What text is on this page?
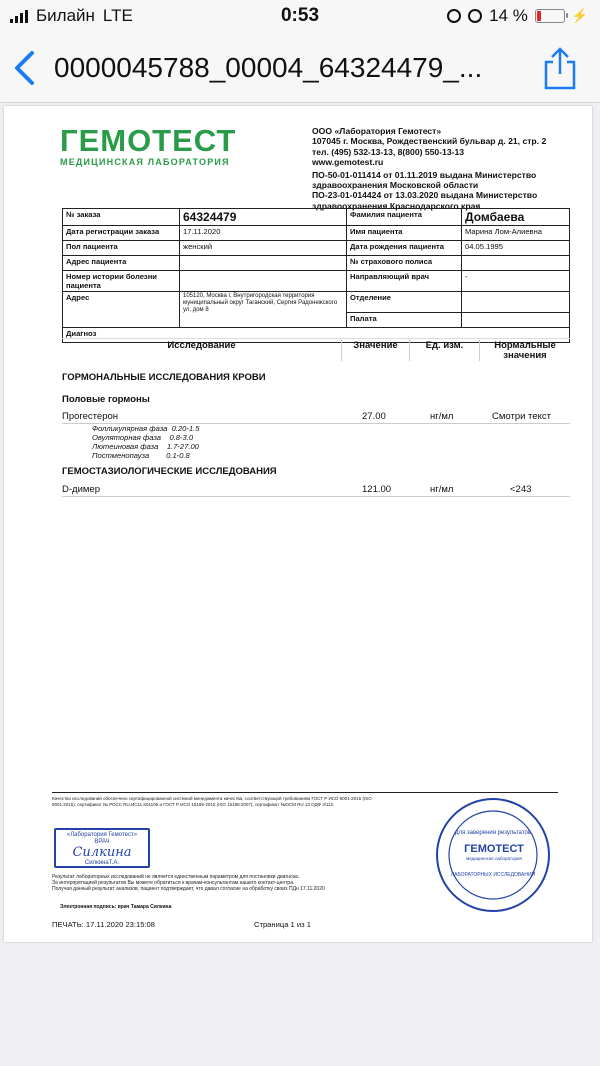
Билайн LTE	0:53	14 %	⚡
0000045788_00004_64324479_...
ГЕМОТЕСТ
МЕДИЦИНСКАЯ ЛАБОРАТОРИЯ
ООО «Лаборатория Гемотест»
107045 г. Москва, Рождественский бульвар д. 21, стр. 2
тел. (495) 532-13-13, 8(800) 550-13-13
www.gemotest.ru
ПО-50-01-011414 от 01.11.2019 выдана Министерство
здравоохранения Московской области
ПО-23-01-014424 от 13.03.2020 выдана Министерство
здравоохранения Краснодарского края
№ заказа	64324479	Фамилия пациента	Домбаева
Дата регистрации заказа	17.11.2020	Имя пациента	Марина Лом-Алиевна
Пол пациента	женский	Дата рождения пациента	04.05.1995
Адрес пациента		№ страхового полиса	
Номер истории болезни пациента		Направляющий врач	-
Адрес	105120, Москва г, Внутригородская территория муниципальный округ Таганский, Сергия Радонежского ул, дом 8	Отделение	
		Палата	
Диагноз			
Исследование	Значение	Ед. изм.	Нормальные значения
ГОРМОНАЛЬНЫЕ ИССЛЕДОВАНИЯ КРОВИ
Половые гормоны
Прогестерон	27.00	нг/мл	Смотри текст
Фолликулярная фаза 0.20-1.5
Овуляторная фаза 0.8-3.0
Лютеиновая фаза 1.7-27.00
Постменопауза 0.1-0.8
ГЕМОСТАЗИОЛОГИЧЕСКИЕ ИССЛЕДОВАНИЯ
D-димер	121.00	нг/мл	<243
Качество исследований обеспечено сертифицированной системой менеджмента качества, соответствующей требованиям ГОСТ Р ИСО 9001-2015 (ISO
9001:2015), сертификат № РОСС RU.ИС11.К01106 и ГОСТ Р ИСО 15189-2015 (ISO 15189:2007), сертификат №ОСМ RU.13 ОДФ 3/112.
«Лаборатория Гемотест»
ВРАЧ
Силкина
СилкинаТ.А.
Результат лабораторных исследований не является единственным параметром для постановки диагноза.
За интерпретацией результатов Вы можете обратиться к врачам-консультантам нашего контакт-центра.
Получая данный результат анализов, пациент подтверждает, что давал согласие на обработку своих ПДн 17.11.2020
Электронная подпись: врач Тамара Силкина
ПЕЧАТЬ: 17.11.2020 23:15:08	Страница 1 из 1
для заверения результатов
ГЕМОТЕСТ
медицинская лаборатория
ЛАБОРАТОРНЫХ ИССЛЕДОВАНИЙ
